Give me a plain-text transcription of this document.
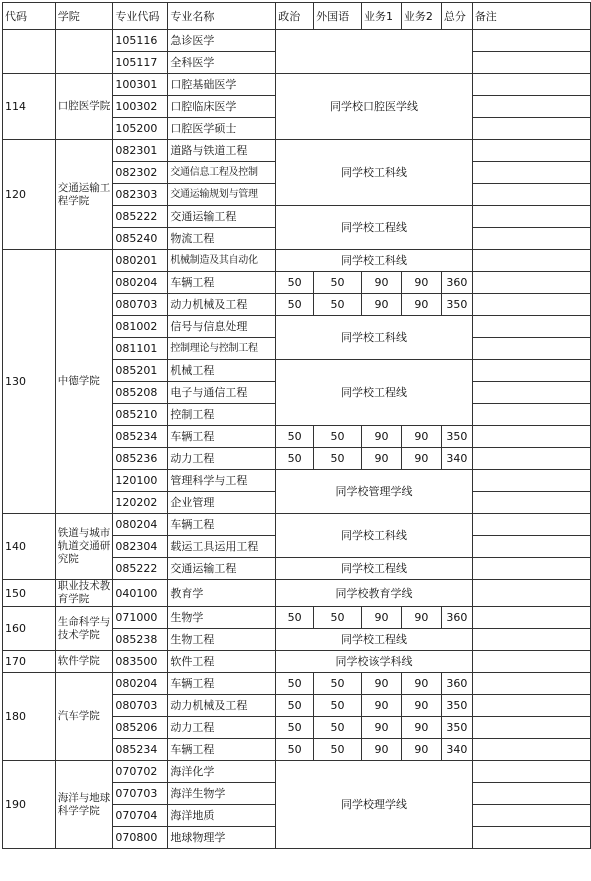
代码	学院	专业代码	专业名称	政治	外国语	业务1	业务2	总分	备注
		105116	急诊医学						
		105117	全科医学						
114	口腔医学院	100301	口腔基础医学	同学校口腔医学线					
		100302	口腔临床医学						
		105200	口腔医学硕士						
120	交通运输工程学院	082301	道路与铁道工程	同学校工科线					
		082302	交通信息工程及控制						
		082303	交通运输规划与管理						
		085222	交通运输工程	同学校工程线					
		085240	物流工程						
130	中德学院	080201	机械制造及其自动化	同学校工科线					
		080204	车辆工程	50	50	90	90	360	
		080703	动力机械及工程	50	50	90	90	350	
		081002	信号与信息处理	同学校工科线					
		081101	控制理论与控制工程						
		085201	机械工程	同学校工程线					
		085208	电子与通信工程						
		085210	控制工程						
		085234	车辆工程	50	50	90	90	350	
		085236	动力工程	50	50	90	90	340	
		120100	管理科学与工程	同学校管理学线					
		120202	企业管理						
140	铁道与城市轨道交通研究院	080204	车辆工程	同学校工科线					
		082304	载运工具运用工程						
		085222	交通运输工程	同学校工程线					
150	职业技术教育学院	040100	教育学	同学校教育学线					
160	生命科学与技术学院	071000	生物学	50	50	90	90	360	
		085238	生物工程	同学校工程线					
170	软件学院	083500	软件工程	同学校该学科线					
180	汽车学院	080204	车辆工程	50	50	90	90	360	
		080703	动力机械及工程	50	50	90	90	350	
		085206	动力工程	50	50	90	90	350	
		085234	车辆工程	50	50	90	90	340	
190	海洋与地球科学学院	070702	海洋化学	同学校理学线					
		070703	海洋生物学						
		070704	海洋地质						
		070800	地球物理学						
